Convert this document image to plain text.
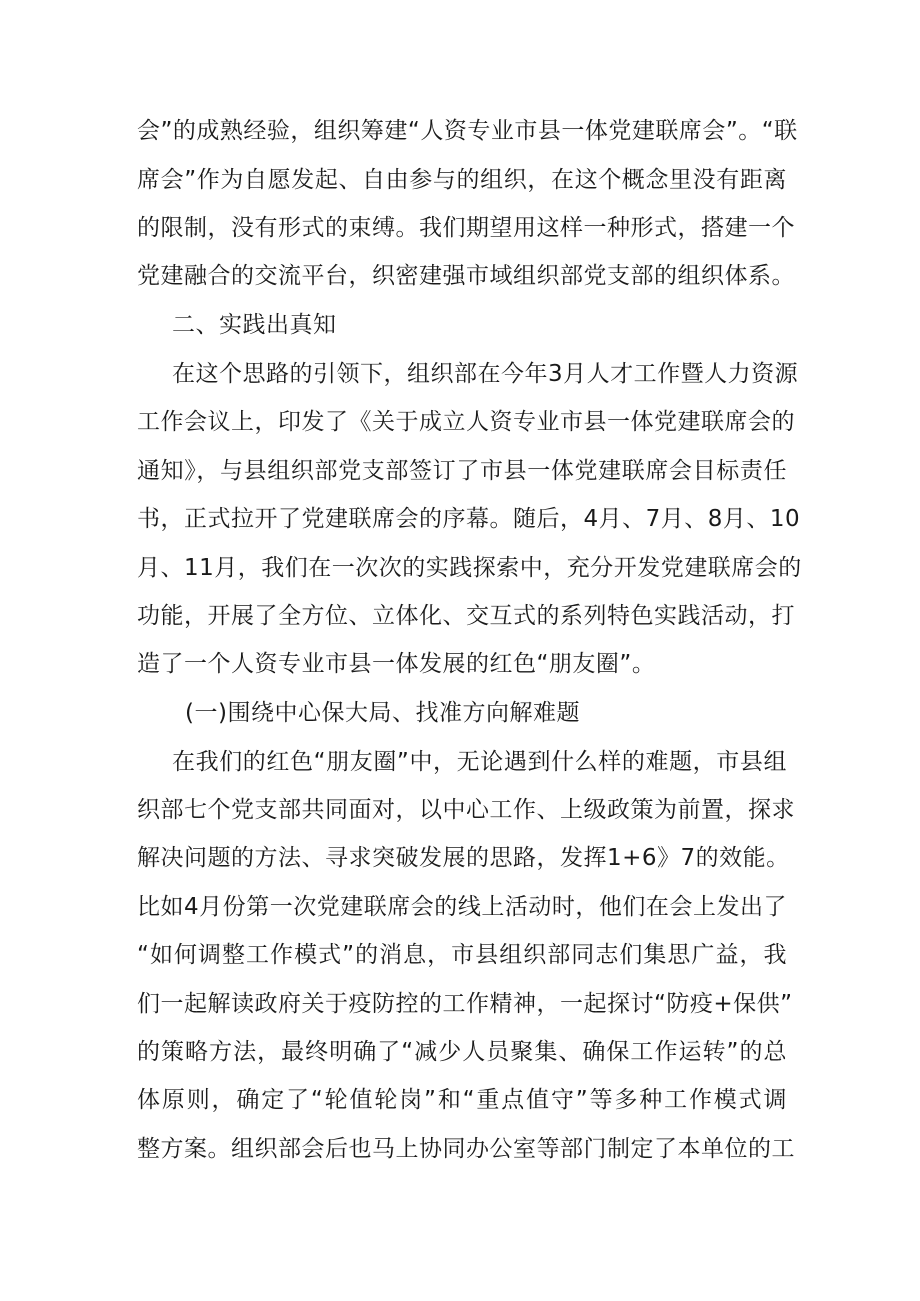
会”的成熟经验，组织筹建“人资专业市县一体党建联席会”。“联
席会”作为自愿发起、自由参与的组织，在这个概念里没有距离
的限制，没有形式的束缚。我们期望用这样一种形式，搭建一个
党建融合的交流平台，织密建强市域组织部党支部的组织体系。
二、实践出真知
在这个思路的引领下，组织部在今年3月人才工作暨人力资源
工作会议上，印发了《关于成立人资专业市县一体党建联席会的
通知》，与县组织部党支部签订了市县一体党建联席会目标责任
书，正式拉开了党建联席会的序幕。随后，4月、7月、8月、10
月、11月，我们在一次次的实践探索中，充分开发党建联席会的
功能，开展了全方位、立体化、交互式的系列特色实践活动，打
造了一个人资专业市县一体发展的红色“朋友圈”。
(一)围绕中心保大局、找准方向解难题
在我们的红色“朋友圈”中，无论遇到什么样的难题，市县组
织部七个党支部共同面对，以中心工作、上级政策为前置，探求
解决问题的方法、寻求突破发展的思路，发挥1+6》7的效能。
比如4月份第一次党建联席会的线上活动时，他们在会上发出了
“如何调整工作模式”的消息，市县组织部同志们集思广益，我
们一起解读政府关于疫防控的工作精神，一起探讨“防疫+保供”
的策略方法，最终明确了“减少人员聚集、确保工作运转”的总
体原则，确定了“轮值轮岗”和“重点值守”等多种工作模式调
整方案。组织部会后也马上协同办公室等部门制定了本单位的工
